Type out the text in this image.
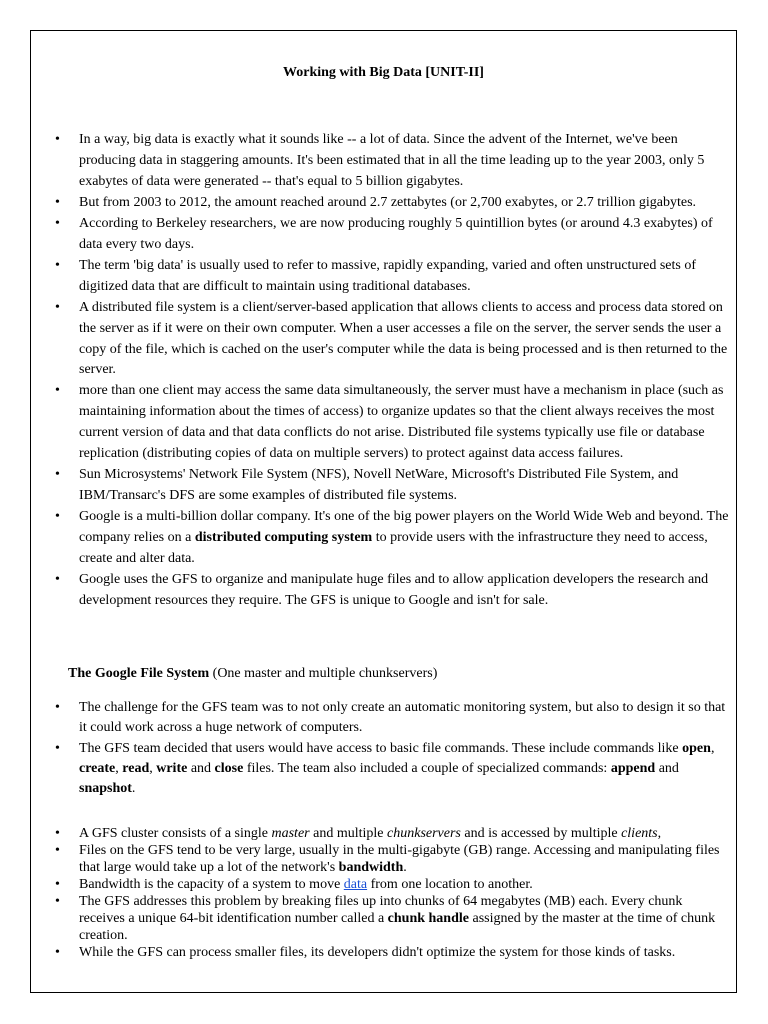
Working with Big Data [UNIT-II]
• In a way, big data is exactly what it sounds like -- a lot of data. Since the advent of the Internet, we've been producing data in staggering amounts. It's been estimated that in all the time leading up to the year 2003, only 5 exabytes of data were generated -- that's equal to 5 billion gigabytes.
• But from 2003 to 2012, the amount reached around 2.7 zettabytes (or 2,700 exabytes, or 2.7 trillion gigabytes.
• According to Berkeley researchers, we are now producing roughly 5 quintillion bytes (or around 4.3 exabytes) of data every two days.
• The term 'big data' is usually used to refer to massive, rapidly expanding, varied and often unstructured sets of digitized data that are difficult to maintain using traditional databases.
• A distributed file system is a client/server-based application that allows clients to access and process data stored on the server as if it were on their own computer. When a user accesses a file on the server, the server sends the user a copy of the file, which is cached on the user's computer while the data is being processed and is then returned to the server.
• more than one client may access the same data simultaneously, the server must have a mechanism in place (such as maintaining information about the times of access) to organize updates so that the client always receives the most current version of data and that data conflicts do not arise. Distributed file systems typically use file or database replication (distributing copies of data on multiple servers) to protect against data access failures.
• Sun Microsystems' Network File System (NFS), Novell NetWare, Microsoft's Distributed File System, and IBM/Transarc's DFS are some examples of distributed file systems.
• Google is a multi-billion dollar company. It's one of the big power players on the World Wide Web and beyond. The company relies on a distributed computing system to provide users with the infrastructure they need to access, create and alter data.
• Google uses the GFS to organize and manipulate huge files and to allow application developers the research and development resources they require. The GFS is unique to Google and isn't for sale.
The Google File System (One master and multiple chunkservers)
• The challenge for the GFS team was to not only create an automatic monitoring system, but also to design it so that it could work across a huge network of computers.
• The GFS team decided that users would have access to basic file commands. These include commands like open, create, read, write and close files. The team also included a couple of specialized commands: append and snapshot.
• A GFS cluster consists of a single master and multiple chunkservers and is accessed by multiple clients,
• Files on the GFS tend to be very large, usually in the multi-gigabyte (GB) range. Accessing and manipulating files that large would take up a lot of the network's bandwidth.
• Bandwidth is the capacity of a system to move data from one location to another.
• The GFS addresses this problem by breaking files up into chunks of 64 megabytes (MB) each. Every chunk receives a unique 64-bit identification number called a chunk handle assigned by the master at the time of chunk creation.
• While the GFS can process smaller files, its developers didn't optimize the system for those kinds of tasks.
